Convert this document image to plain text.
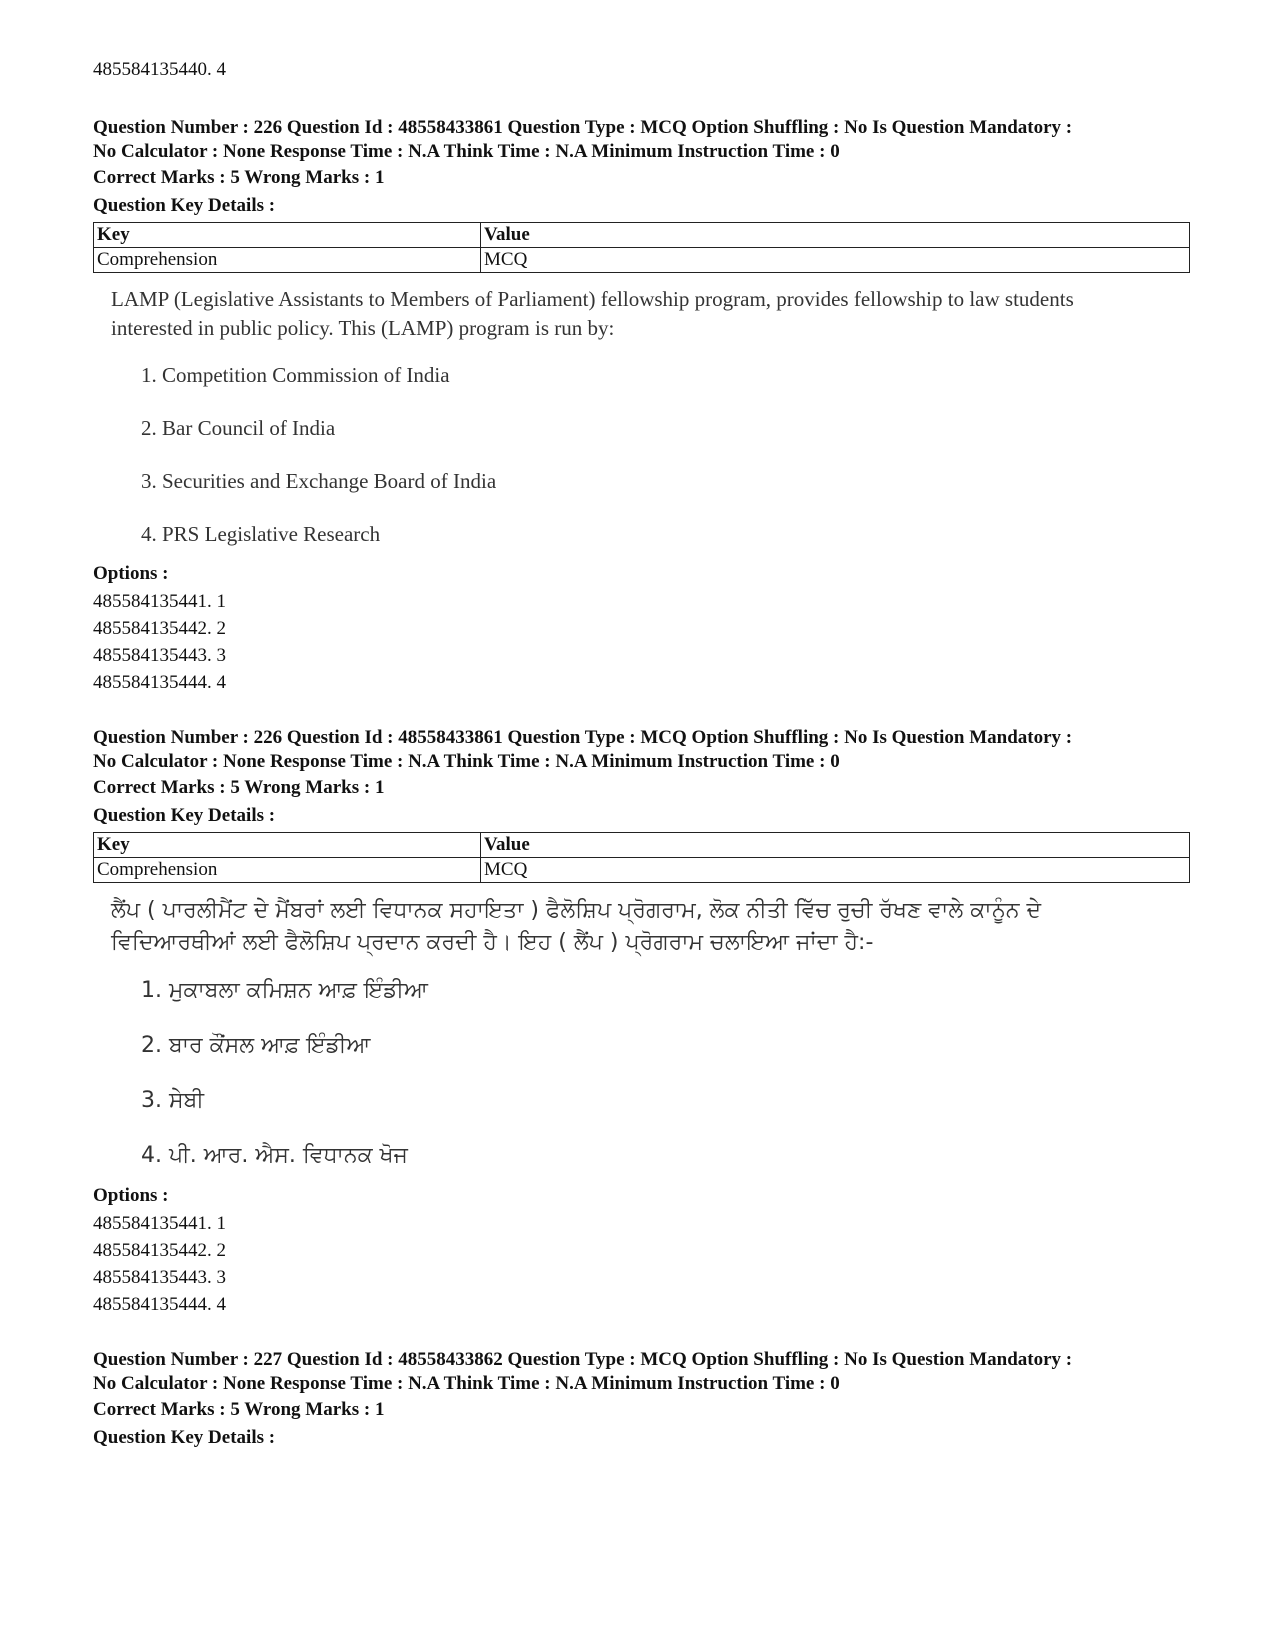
485584135440. 4
Question Number : 226 Question Id : 48558433861 Question Type : MCQ Option Shuffling : No Is Question Mandatory :
No Calculator : None Response Time : N.A Think Time : N.A Minimum Instruction Time : 0
Correct Marks : 5 Wrong Marks : 1
Question Key Details :
Key	Value
Comprehension	MCQ
LAMP (Legislative Assistants to Members of Parliament) fellowship program, provides fellowship to law students interested in public policy. This (LAMP) program is run by:
1. Competition Commission of India
2. Bar Council of India
3. Securities and Exchange Board of India
4. PRS Legislative Research
Options :
485584135441. 1
485584135442. 2
485584135443. 3
485584135444. 4
Question Number : 226 Question Id : 48558433861 Question Type : MCQ Option Shuffling : No Is Question Mandatory :
No Calculator : None Response Time : N.A Think Time : N.A Minimum Instruction Time : 0
Correct Marks : 5 Wrong Marks : 1
Question Key Details :
Key	Value
Comprehension	MCQ
ਲੈਂਪ ( ਪਾਰਲੀਮੈਂਟ ਦੇ ਮੈਂਬਰਾਂ ਲਈ ਵਿਧਾਨਕ ਸਹਾਇਤਾ ) ਫੈਲੋਸ਼ਿਪ ਪ੍ਰੋਗਰਾਮ, ਲੋਕ ਨੀਤੀ ਵਿੱਚ ਰੁਚੀ ਰੱਖਣ ਵਾਲੇ ਕਾਨੂੰਨ ਦੇ ਵਿਦਿਆਰਥੀਆਂ ਲਈ ਫੈਲੋਸ਼ਿਪ ਪ੍ਰਦਾਨ ਕਰਦੀ ਹੈ। ਇਹ ( ਲੈਂਪ ) ਪ੍ਰੋਗਰਾਮ ਚਲਾਇਆ ਜਾਂਦਾ ਹੈ:-
1. ਮੁਕਾਬਲਾ ਕਮਿਸ਼ਨ ਆਫ਼ ਇੰਡੀਆ
2. ਬਾਰ ਕੌਂਸਲ ਆਫ਼ ਇੰਡੀਆ
3. ਸੇਬੀ
4. ਪੀ. ਆਰ. ਐਸ. ਵਿਧਾਨਕ ਖੋਜ
Options :
485584135441. 1
485584135442. 2
485584135443. 3
485584135444. 4
Question Number : 227 Question Id : 48558433862 Question Type : MCQ Option Shuffling : No Is Question Mandatory :
No Calculator : None Response Time : N.A Think Time : N.A Minimum Instruction Time : 0
Correct Marks : 5 Wrong Marks : 1
Question Key Details :
